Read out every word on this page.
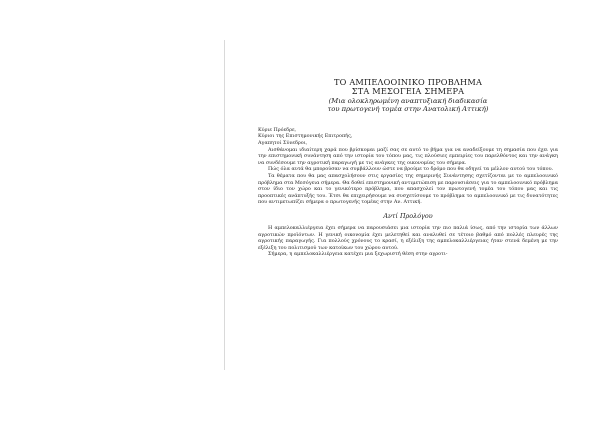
ΤΟ ΑΜΠΕΛΟΟΙΝΙΚΟ ΠΡΟΒΛΗΜΑ
ΣΤΑ ΜΕΣΟΓΕΙΑ ΣΗΜΕΡΑ
(Μια ολοκληρωμένη αναπτυξιακή διαδικασία
του πρωτογενή τομέα στην Ανατολική Αττική)
Κύριε Πρόεδρε,
Κύριοι της Επιστημονικής Επιτροπής,
Αγαπητοί Σύνεδροι,

Αισθάνομαι ιδιαίτερη χαρά που βρίσκομαι μαζί σας σε αυτό το βήμα για να αναδείξουμε τη σημασία που έχει για την επιστημονική συνάντηση από την ιστορία του τόπου μας, τις πλούσιες εμπειρίες του παρελθόντος και την ανάγκη να συνδέσουμε την αγροτική παραγωγή με τις ανάγκες της οικονομίας του σήμερα.

Πώς όλα αυτά θα μπορούσαν να συμβάλλουν ώστε να βρούμε το δρόμο που θα οδηγεί τα μέλλον αυτού του τόπου.

Τα θέματα που θα μας απασχολήσουν στις εργασίες της σημερινής Συνάντησης σχετίζονται με το αμπελοοινικό πρόβλημα στα Μεσόγεια σήμερα. Θα δοθεί επιστημονική αντιμετώπιση με παρουσιάσεις για το αμπελοοινικό πρόβλημα στον ίδιο τον χώρο και το γενικότερο πρόβλημα, που απασχολεί τον πρωτογενή τομέα του τόπου μας και τις προοπτικές ανάπτυξής του. Έτσι θα επιχειρήσουμε να συσχετίσουμε το πρόβλημα το αμπελοοινικό με τις δυνατότητες που αντιμετωπίζει σήμερα ο πρωτογενής τομέας στην Αν. Αττική.

Αντί Προλόγου

Η αμπελοκαλλιέργεια έχει σήμερα να παρουσιάσει μια ιστορία την πιο παλιά ίσως, από την ιστορία των άλλων αγροτικών προϊόντων. Η γενική οικονομία έχει μελετηθεί και αναλυθεί σε τέτοιο βαθμό από πολλές πλευρές της αγροτικής παραγωγής. Για πολλούς χρόνους το κρασί, η εξέλιξη της αμπελοκαλλιέργειας ήταν στενά δεμένη με την εξέλιξη του πολιτισμού των κατοίκων του χώρου αυτού.

Σήμερα, η αμπελοκαλλιέργεια κατέχει μια ξεχωριστή θέση στην αγροτι-
